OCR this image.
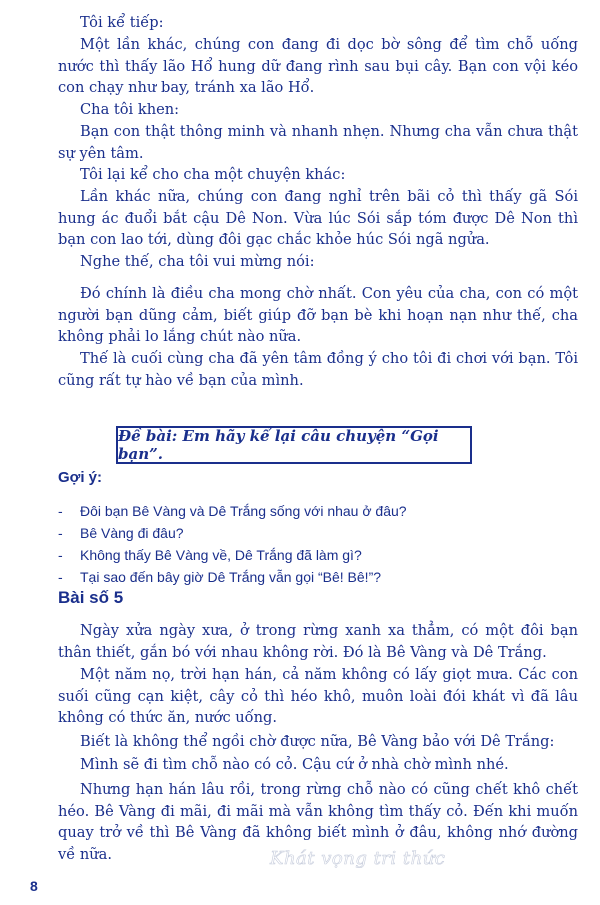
Tôi kể tiếp:

Một lần khác, chúng con đang đi dọc bờ sông để tìm chỗ uống nước thì thấy lão Hổ hung dữ đang rình sau bụi cây. Bạn con vội kéo con chạy như bay, tránh xa lão Hổ.

Cha tôi khen:

Bạn con thật thông minh và nhanh nhẹn. Nhưng cha vẫn chưa thật sự yên tâm.

Tôi lại kể cho cha một chuyện khác:

Lần khác nữa, chúng con đang nghỉ trên bãi cỏ thì thấy gã Sói hung ác đuổi bắt cậu Dê Non. Vừa lúc Sói sắp tóm được Dê Non thì bạn con lao tới, dùng đôi gạc chắc khỏe húc Sói ngã ngửa.

Nghe thế, cha tôi vui mừng nói:

Đó chính là điều cha mong chờ nhất. Con yêu của cha, con có một người bạn dũng cảm, biết giúp đỡ bạn bè khi hoạn nạn như thế, cha không phải lo lắng chút nào nữa.

Thế là cuối cùng cha đã yên tâm đồng ý cho tôi đi chơi với bạn. Tôi cũng rất tự hào về bạn của mình.

Đề bài: Em hãy kể lại câu chuyện “Gọi bạn”.
Gợi ý:
-	Đôi bạn Bê Vàng và Dê Trắng sống với nhau ở đâu?
-	Bê Vàng đi đâu?
-	Không thấy Bê Vàng về, Dê Trắng đã làm gì?
-	Tại sao đến bây giờ Dê Trắng vẫn gọi “Bê! Bê!”?
Bài số 5

Ngày xửa ngày xưa, ở trong rừng xanh xa thẳm, có một đôi bạn thân thiết, gắn bó với nhau không rời. Đó là Bê Vàng và Dê Trắng.

Một năm nọ, trời hạn hán, cả năm không có lấy giọt mưa. Các con suối cũng cạn kiệt, cây cỏ thì héo khô, muôn loài đói khát vì đã lâu không có thức ăn, nước uống.

Biết là không thể ngồi chờ được nữa, Bê Vàng bảo với Dê Trắng:

Mình sẽ đi tìm chỗ nào có cỏ. Cậu cứ ở nhà chờ mình nhé.

Nhưng hạn hán lâu rồi, trong rừng chỗ nào có cũng chết khô chết héo. Bê Vàng đi mãi, đi mãi mà vẫn không tìm thấy cỏ. Đến khi muốn quay trở về thì Bê Vàng đã không biết mình ở đâu, không nhớ đường về nữa.	Khát vọng tri thức
8
